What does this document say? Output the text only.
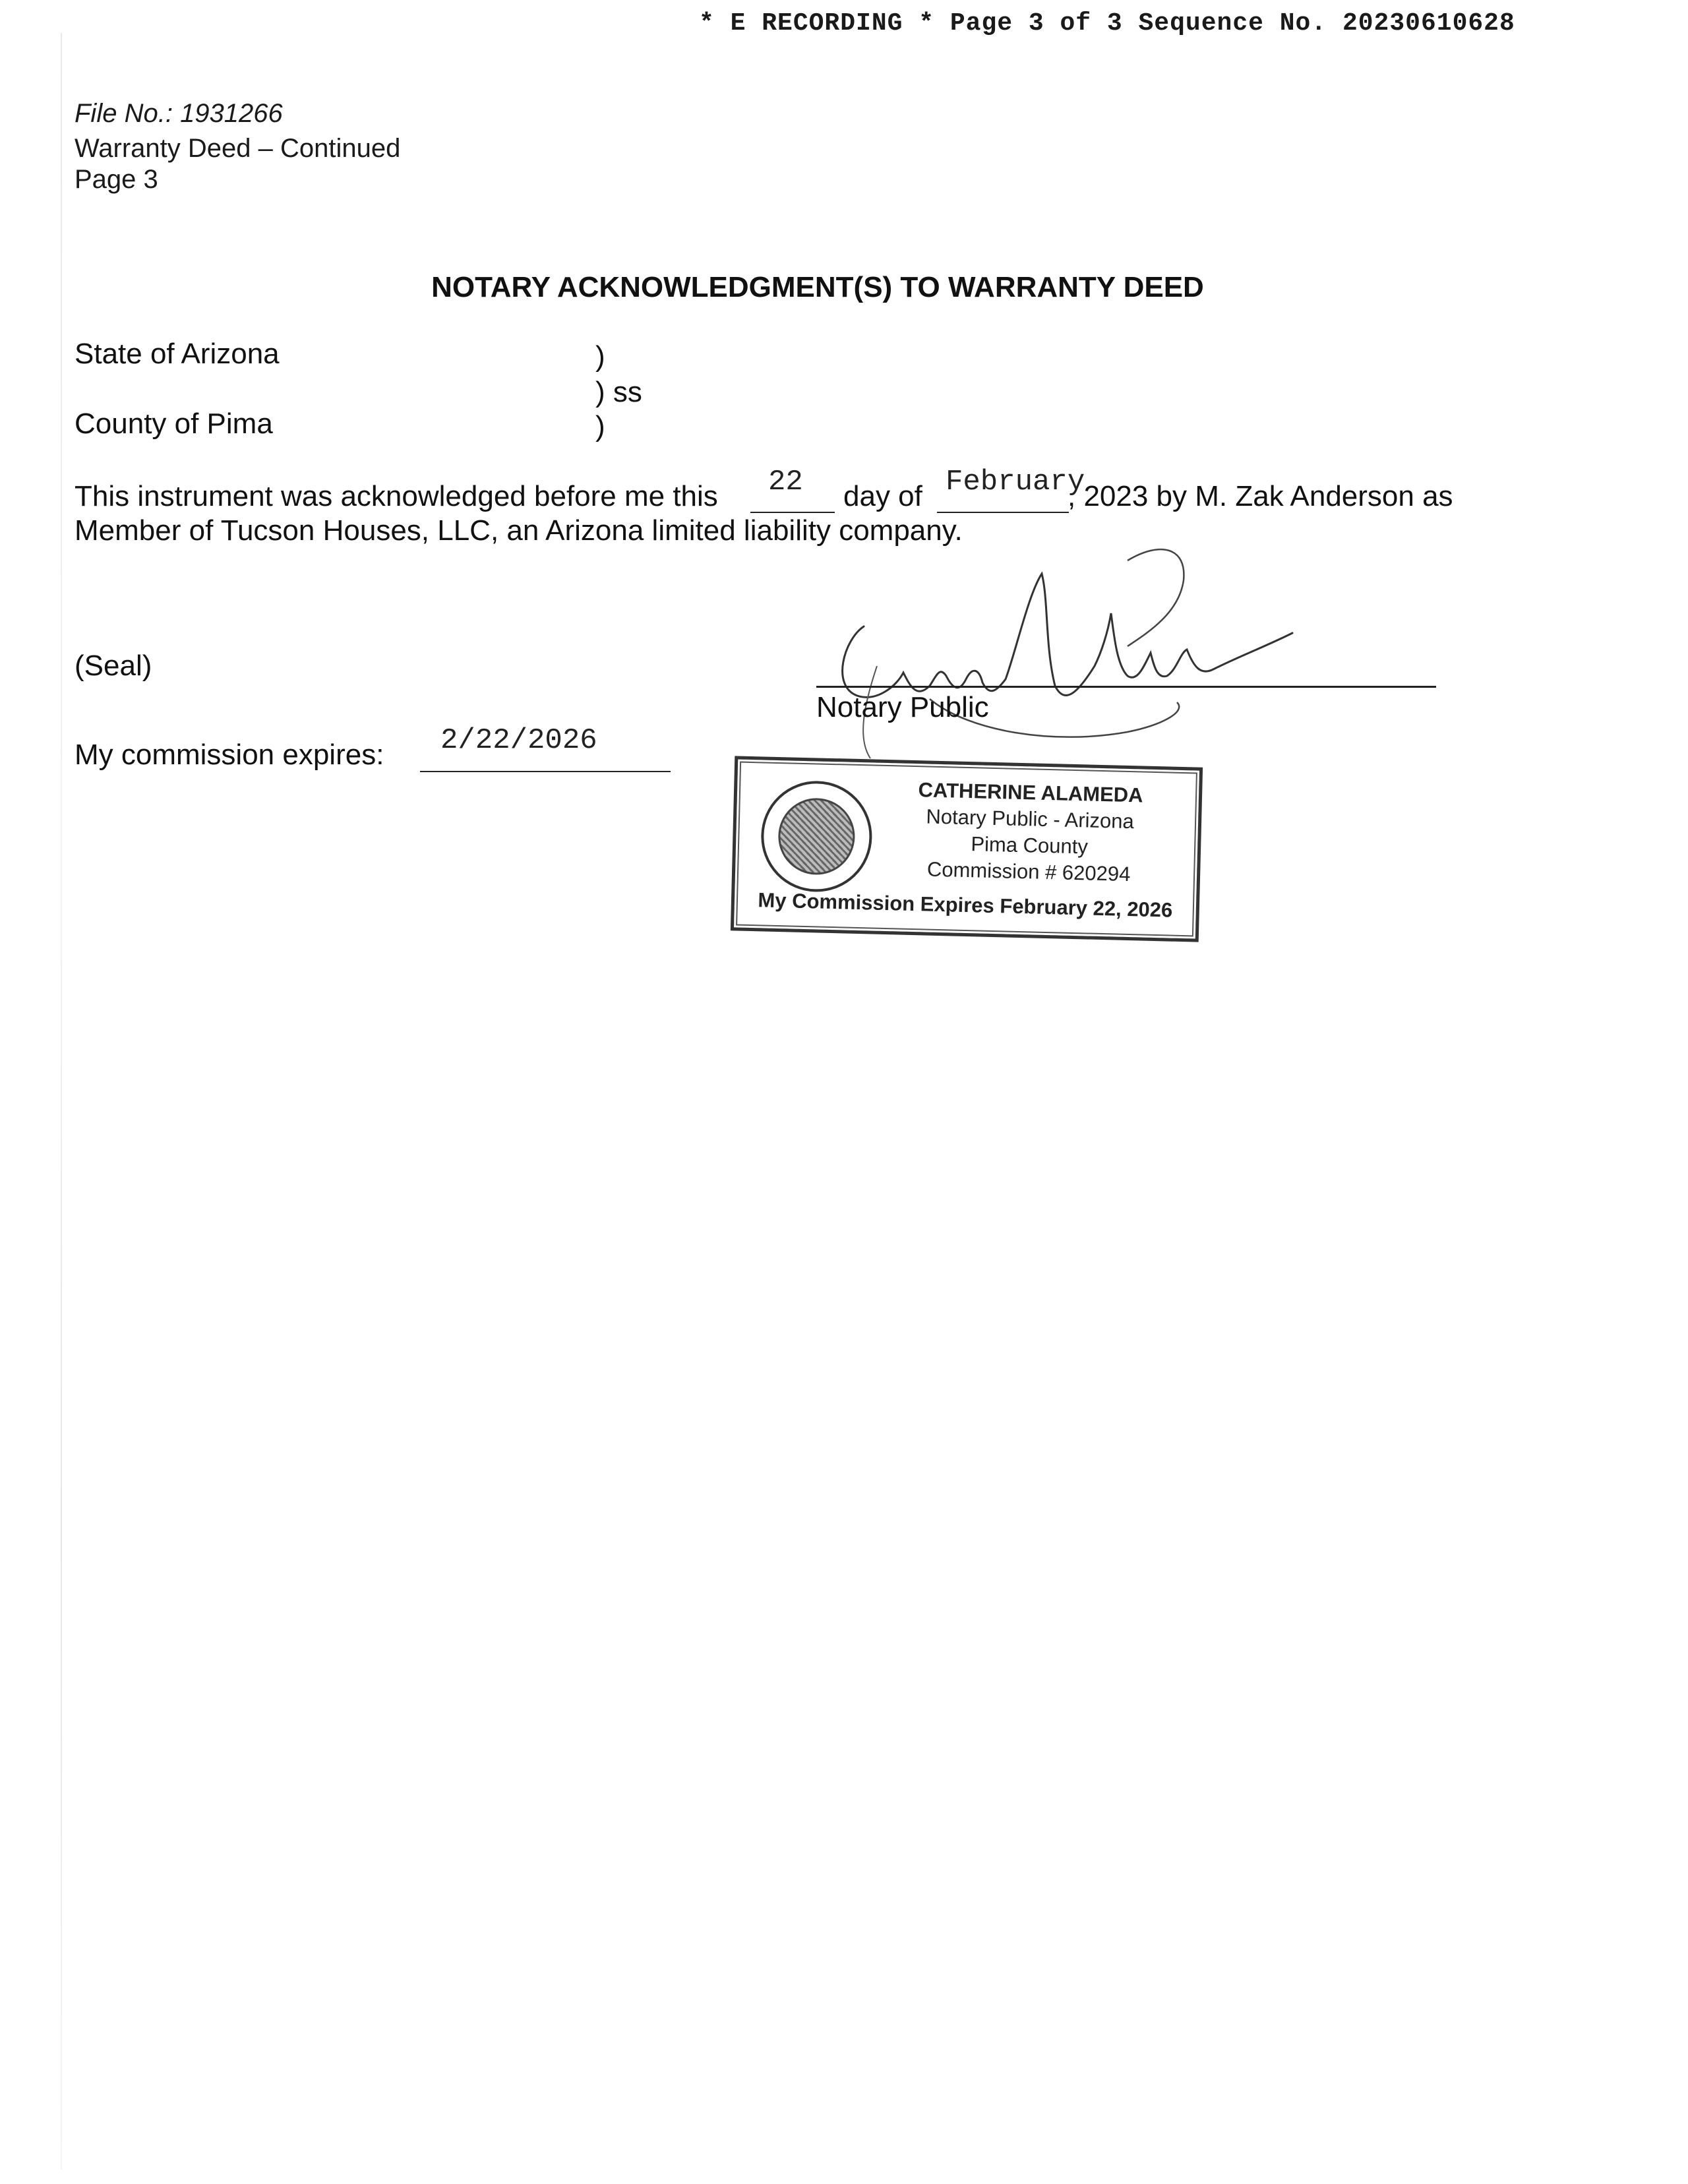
* E RECORDING * Page 3 of 3 Sequence No. 20230610628
File No.: 1931266
Warranty Deed – Continued
Page 3
NOTARY ACKNOWLEDGMENT(S) TO WARRANTY DEED
State of Arizona
County of Pima
)
) ss
)
This instrument was acknowledged before me this 22 day of February
, 2023 by M. Zak Anderson as
Member of Tucson Houses, LLC, an Arizona limited liability company.
(Seal)
Notary Public
My commission expires: 2/22/2026
CATHERINE ALAMEDA
Notary Public - Arizona
Pima County
Commission # 620294
My Commission Expires February 22, 2026
